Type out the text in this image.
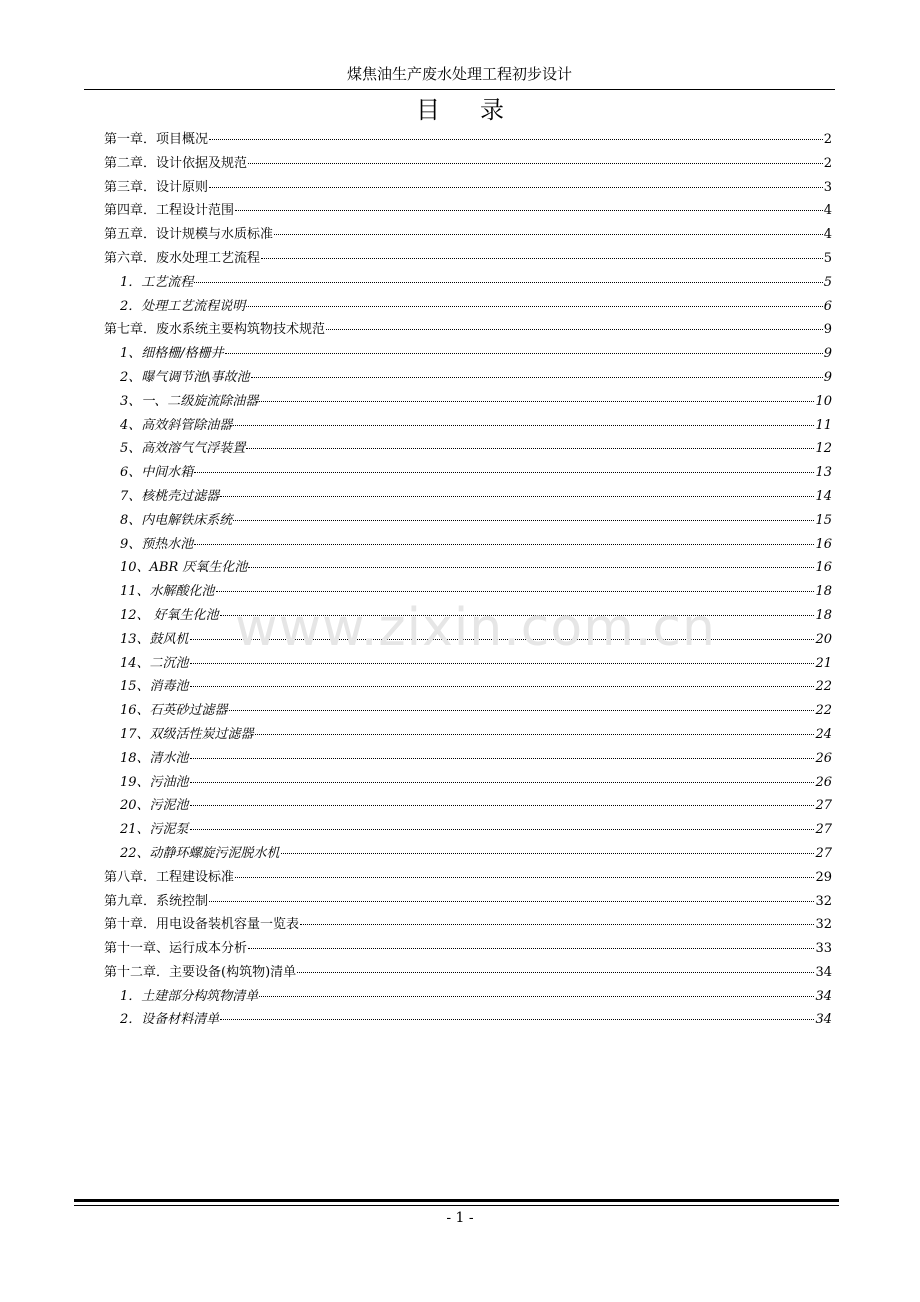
煤焦油生产废水处理工程初步设计
目录
第一章．项目概况	2
第二章．设计依据及规范	2
第三章．设计原则	3
第四章．工程设计范围	4
第五章．设计规模与水质标准	4
第六章．废水处理工艺流程	5
1．工艺流程	5
2．处理工艺流程说明	6
第七章．废水系统主要构筑物技术规范	9
1、细格栅/格栅井	9
2、曝气调节池\事故池	9
3、一、二级旋流除油器	10
4、高效斜管除油器	11
5、高效溶气气浮装置	12
6、中间水箱	13
7、核桃壳过滤器	14
8、内电解铁床系统	15
9、预热水池	16
10、ABR 厌氧生化池	16
11、水解酸化池	18
12、 好氧生化池	18
13、鼓风机	20
14、二沉池	21
15、消毒池	22
16、石英砂过滤器	22
17、双级活性炭过滤器	24
18、清水池	26
19、污油池	26
20、污泥池	27
21、污泥泵	27
22、动静环螺旋污泥脱水机	27
第八章．工程建设标准	29
第九章．系统控制	32
第十章．用电设备装机容量一览表	32
第十一章、运行成本分析	33
第十二章．主要设备(构筑物)清单	34
1．土建部分构筑物清单	34
2．设备材料清单	34
www.zixin.com.cn
- 1 -
